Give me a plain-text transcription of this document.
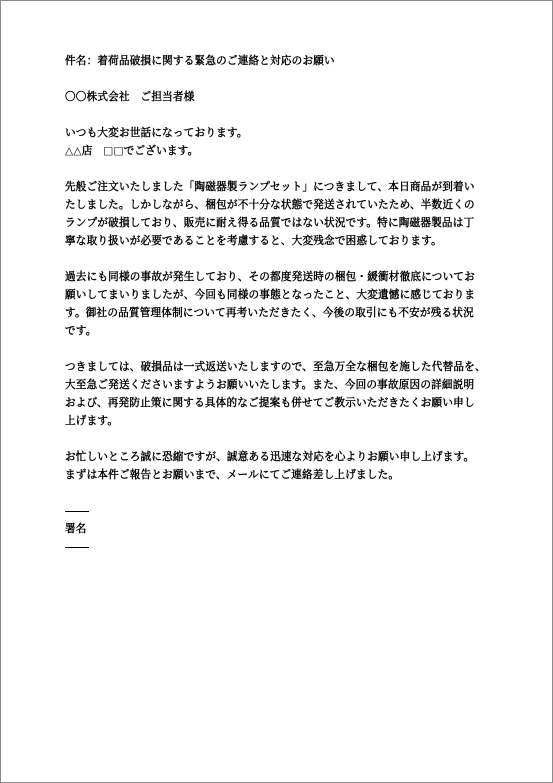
件名：着荷品破損に関する緊急のご連絡と対応のお願い
〇〇株式会社　ご担当者様
いつも大変お世話になっております。
△△店　□□でございます。
先般ご注文いたしました「陶磁器製ランプセット」につきまして、本日商品が到着い
たしました。しかしながら、梱包が不十分な状態で発送されていたため、半数近くの
ランプが破損しており、販売に耐え得る品質ではない状況です。特に陶磁器製品は丁
寧な取り扱いが必要であることを考慮すると、大変残念で困惑しております。
過去にも同様の事故が発生しており、その都度発送時の梱包・緩衝材徹底についてお
願いしてまいりましたが、今回も同様の事態となったこと、大変遺憾に感じておりま
す。御社の品質管理体制について再考いただきたく、今後の取引にも不安が残る状況
です。
つきましては、破損品は一式返送いたしますので、至急万全な梱包を施した代替品を、
大至急ご発送くださいますようお願いいたします。また、今回の事故原因の詳細説明
および、再発防止策に関する具体的なご提案も併せてご教示いただきたくお願い申し
上げます。
お忙しいところ誠に恐縮ですが、誠意ある迅速な対応を心よりお願い申し上げます。
まずは本件ご報告とお願いまで、メールにてご連絡差し上げました。
署名
